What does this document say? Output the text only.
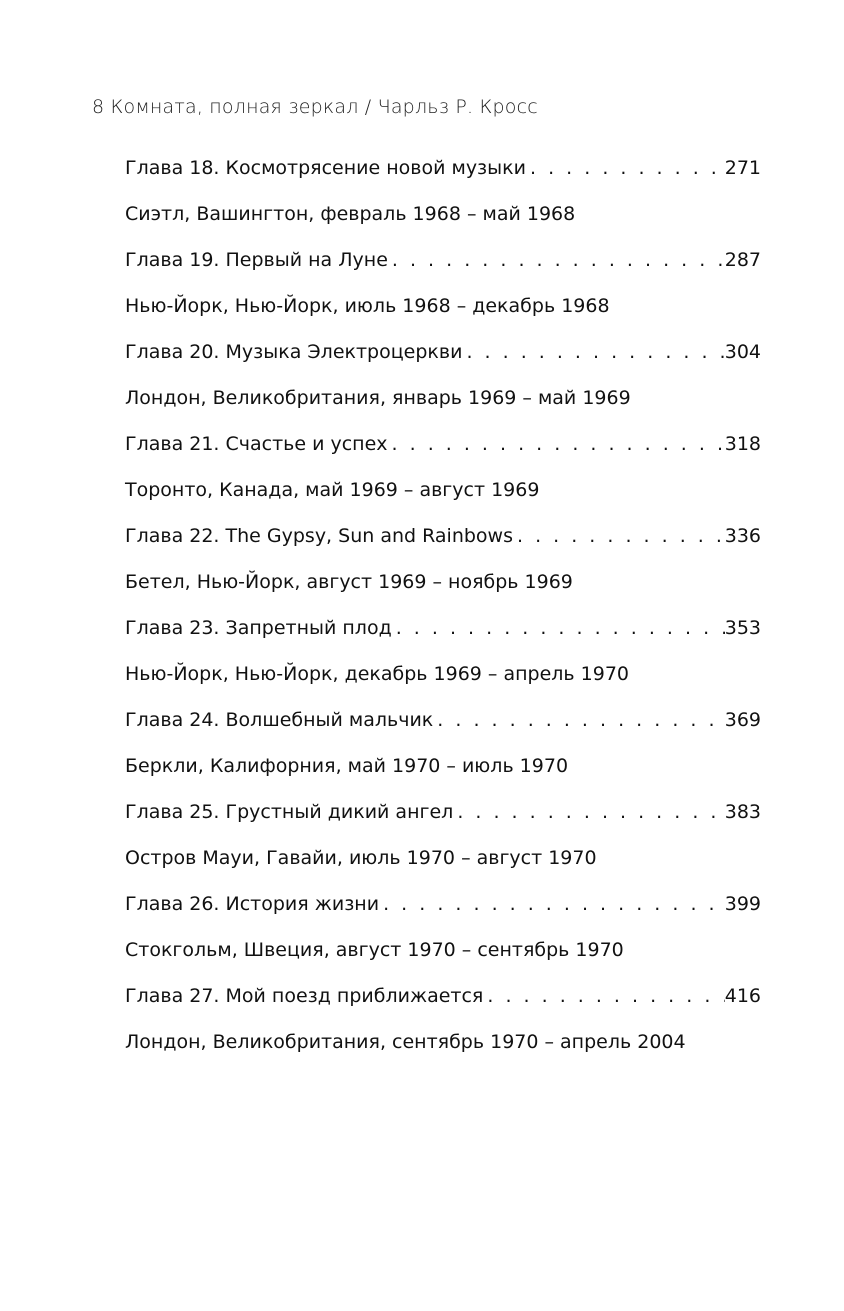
8 Комната, полная зеркал / Чарльз Р. Кросс
Глава 18. Космотрясение новой музыки . . .	271
Сиэтл, Вашингтон, февраль 1968 – май 1968
Глава 19. Первый на Луне . . .	287
Нью-Йорк, Нью-Йорк, июль 1968 – декабрь 1968
Глава 20. Музыка Электроцеркви . . .	304
Лондон, Великобритания, январь 1969 – май 1969
Глава 21. Счастье и успех . . .	318
Торонто, Канада, май 1969 – август 1969
Глава 22. The Gypsy, Sun and Rainbows . . .	336
Бетел, Нью-Йорк, август 1969 – ноябрь 1969
Глава 23. Запретный плод . . .	353
Нью-Йорк, Нью-Йорк, декабрь 1969 – апрель 1970
Глава 24. Волшебный мальчик . . .	369
Беркли, Калифорния, май 1970 – июль 1970
Глава 25. Грустный дикий ангел . . .	383
Остров Мауи, Гавайи, июль 1970 – август 1970
Глава 26. История жизни . . .	399
Стокгольм, Швеция, август 1970 – сентябрь 1970
Глава 27. Мой поезд приближается . . .	416
Лондон, Великобритания, сентябрь 1970 – апрель 2004
